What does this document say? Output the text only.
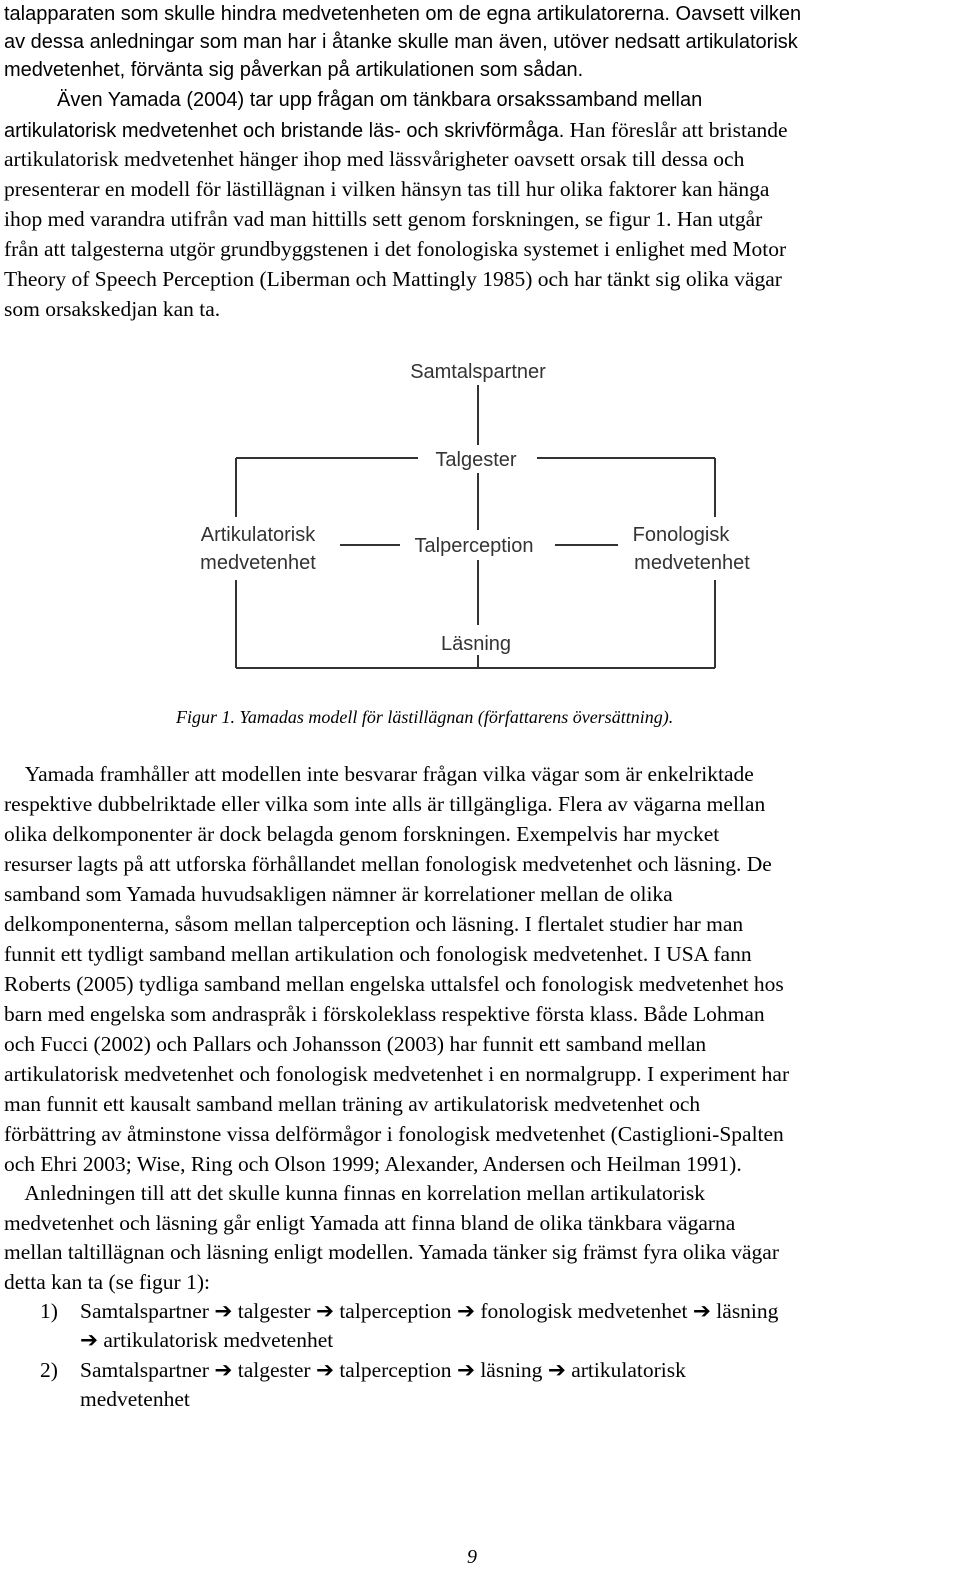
talapparaten som skulle hindra medvetenheten om de egna artikulatorerna. Oavsett vilken

av dessa anledningar som man har i åtanke skulle man även, utöver nedsatt artikulatorisk

medvetenhet, förvänta sig påverkan på artikulationen som sådan.

Även Yamada (2004) tar upp frågan om tänkbara orsakssamband mellan

artikulatorisk medvetenhet och bristande läs- och skrivförmåga. Han föreslår att bristande

artikulatorisk medvetenhet hänger ihop med lässvårigheter oavsett orsak till dessa och

presenterar en modell för lästillägnan i vilken hänsyn tas till hur olika faktorer kan hänga

ihop med varandra utifrån vad man hittills sett genom forskningen, se figur 1. Han utgår

från att talgesterna utgör grundbyggstenen i det fonologiska systemet i enlighet med Motor

Theory of Speech Perception (Liberman och Mattingly 1985) och har tänkt sig olika vägar

som orsakskedjan kan ta.

Samtalspartner
Talgester
Artikulatorisk
medvetenhet
Talperception	Fonologisk
medvetenhet
Läsning
Figur 1. Yamadas modell för lästillägnan (författarens översättning).

Yamada framhåller att modellen inte besvarar frågan vilka vägar som är enkelriktade

respektive dubbelriktade eller vilka som inte alls är tillgängliga. Flera av vägarna mellan

olika delkomponenter är dock belagda genom forskningen. Exempelvis har mycket

resurser lagts på att utforska förhållandet mellan fonologisk medvetenhet och läsning. De

samband som Yamada huvudsakligen nämner är korrelationer mellan de olika

delkomponenterna, såsom mellan talperception och läsning. I flertalet studier har man

funnit ett tydligt samband mellan artikulation och fonologisk medvetenhet. I USA fann

Roberts (2005) tydliga samband mellan engelska uttalsfel och fonologisk medvetenhet hos

barn med engelska som andraspråk i förskoleklass respektive första klass. Både Lohman

och Fucci (2002) och Pallars och Johansson (2003) har funnit ett samband mellan

artikulatorisk medvetenhet och fonologisk medvetenhet i en normalgrupp. I experiment har

man funnit ett kausalt samband mellan träning av artikulatorisk medvetenhet och

förbättring av åtminstone vissa delförmågor i fonologisk medvetenhet (Castiglioni-Spalten

och Ehri 2003; Wise, Ring och Olson 1999; Alexander, Andersen och Heilman 1991).

Anledningen till att det skulle kunna finnas en korrelation mellan artikulatorisk

medvetenhet och läsning går enligt Yamada att finna bland de olika tänkbara vägarna

mellan taltillägnan och läsning enligt modellen. Yamada tänker sig främst fyra olika vägar

detta kan ta (se figur 1):

1) Samtalspartner ➔ talgester ➔ talperception ➔ fonologisk medvetenhet ➔ läsning

➔ artikulatorisk medvetenhet

2) Samtalspartner ➔ talgester ➔ talperception ➔ läsning ➔ artikulatorisk

medvetenhet

9
